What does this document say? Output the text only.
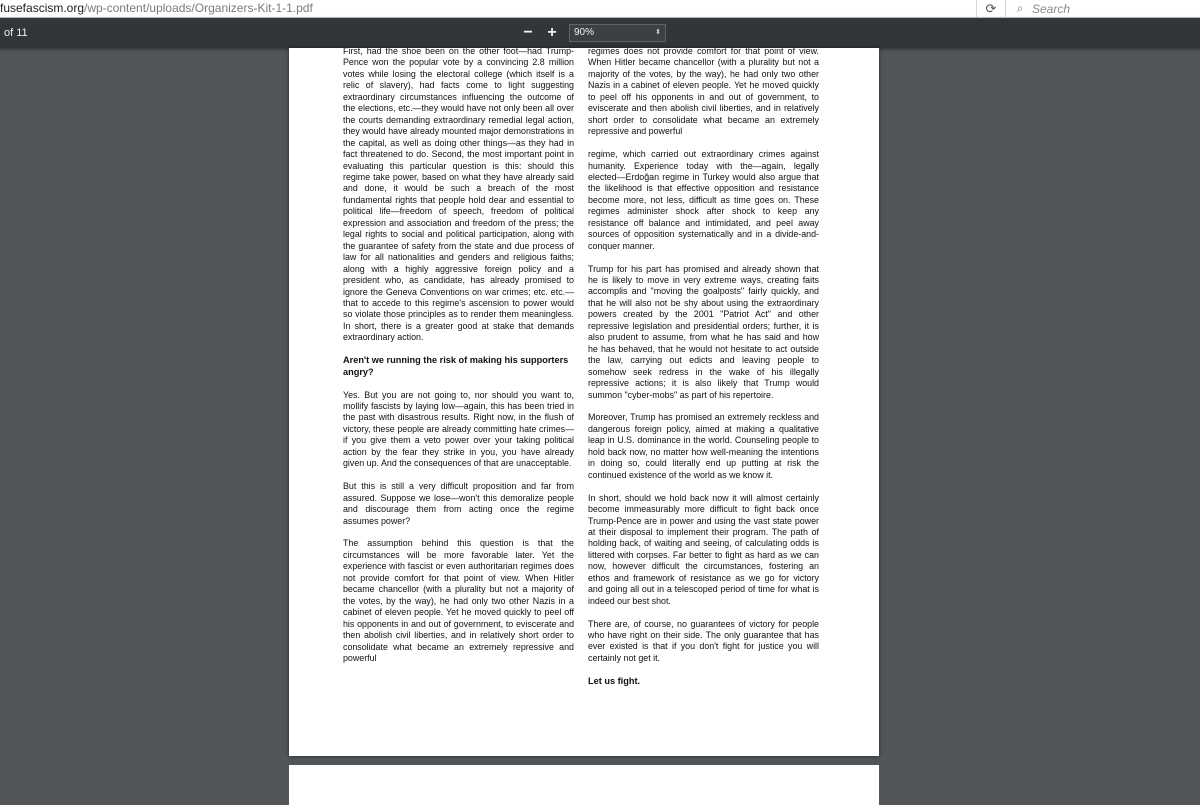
fusefascism.org/wp-content/uploads/Organizers-Kit-1-1.pdf	⟳	⌕ Search
of 11	− +	90%	⬍

First, had the shoe been on the other foot—had Trump-Pence won the popular vote by a convincing 2.8 million votes while losing the electoral college (which itself is a relic of slavery), had facts come to light suggesting extraordinary circumstances influencing the outcome of the elections, etc.—they would have not only been all over the courts demanding extraordinary remedial legal action, they would have already mounted major demonstrations in the capital, as well as doing other things—as they had in fact threatened to do. Second, the most important point in evaluating this particular question is this: should this regime take power, based on what they have already said and done, it would be such a breach of the most fundamental rights that people hold dear and essential to political life—freedom of speech, freedom of political expression and association and freedom of the press; the legal rights to social and political participation, along with the guarantee of safety from the state and due process of law for all nationalities and genders and religious faiths; along with a highly aggressive foreign policy and a president who, as candidate, has already promised to ignore the Geneva Conventions on war crimes; etc. etc.—that to accede to this regime's ascension to power would so violate those principles as to render them meaningless. In short, there is a greater good at stake that demands extraordinary action.

Aren't we running the risk of making his supporters angry?

Yes. But you are not going to, nor should you want to, mollify fascists by laying low—again, this has been tried in the past with disastrous results. Right now, in the flush of victory, these people are already committing hate crimes—if you give them a veto power over your taking political action by the fear they strike in you, you have already given up. And the consequences of that are unacceptable.

But this is still a very difficult proposition and far from assured. Suppose we lose—won't this demoralize people and discourage them from acting once the regime assumes power?

The assumption behind this question is that the circumstances will be more favorable later. Yet the experience with fascist or even authoritarian regimes does not provide comfort for that point of view. When Hitler became chancellor (with a plurality but not a majority of the votes, by the way), he had only two other Nazis in a cabinet of eleven people. Yet he moved quickly to peel off his opponents in and out of government, to eviscerate and then abolish civil liberties, and in relatively short order to consolidate what became an extremely repressive and powerful

regimes does not provide comfort for that point of view. When Hitler became chancellor (with a plurality but not a majority of the votes, by the way), he had only two other Nazis in a cabinet of eleven people. Yet he moved quickly to peel off his opponents in and out of government, to eviscerate and then abolish civil liberties, and in relatively short order to consolidate what became an extremely repressive and powerful

regime, which carried out extraordinary crimes against humanity. Experience today with the—again, legally elected—Erdoğan regime in Turkey would also argue that the likelihood is that effective opposition and resistance become more, not less, difficult as time goes on. These regimes administer shock after shock to keep any resistance off balance and intimidated, and peel away sources of opposition systematically and in a divide-and-conquer manner.

Trump for his part has promised and already shown that he is likely to move in very extreme ways, creating faits accomplis and "moving the goalposts" fairly quickly, and that he will also not be shy about using the extraordinary powers created by the 2001 "Patriot Act" and other repressive legislation and presidential orders; further, it is also prudent to assume, from what he has said and how he has behaved, that he would not hesitate to act outside the law, carrying out edicts and leaving people to somehow seek redress in the wake of his illegally repressive actions; it is also likely that Trump would summon "cyber-mobs" as part of his repertoire.

Moreover, Trump has promised an extremely reckless and dangerous foreign policy, aimed at making a qualitative leap in U.S. dominance in the world. Counseling people to hold back now, no matter how well-meaning the intentions in doing so, could literally end up putting at risk the continued existence of the world as we know it.

In short, should we hold back now it will almost certainly become immeasurably more difficult to fight back once Trump-Pence are in power and using the vast state power at their disposal to implement their program. The path of holding back, of waiting and seeing, of calculating odds is littered with corpses. Far better to fight as hard as we can now, however difficult the circumstances, fostering an ethos and framework of resistance as we go for victory and going all out in a telescoped period of time for what is indeed our best shot.

There are, of course, no guarantees of victory for people who have right on their side. The only guarantee that has ever existed is that if you don't fight for justice you will certainly not get it.

Let us fight.
